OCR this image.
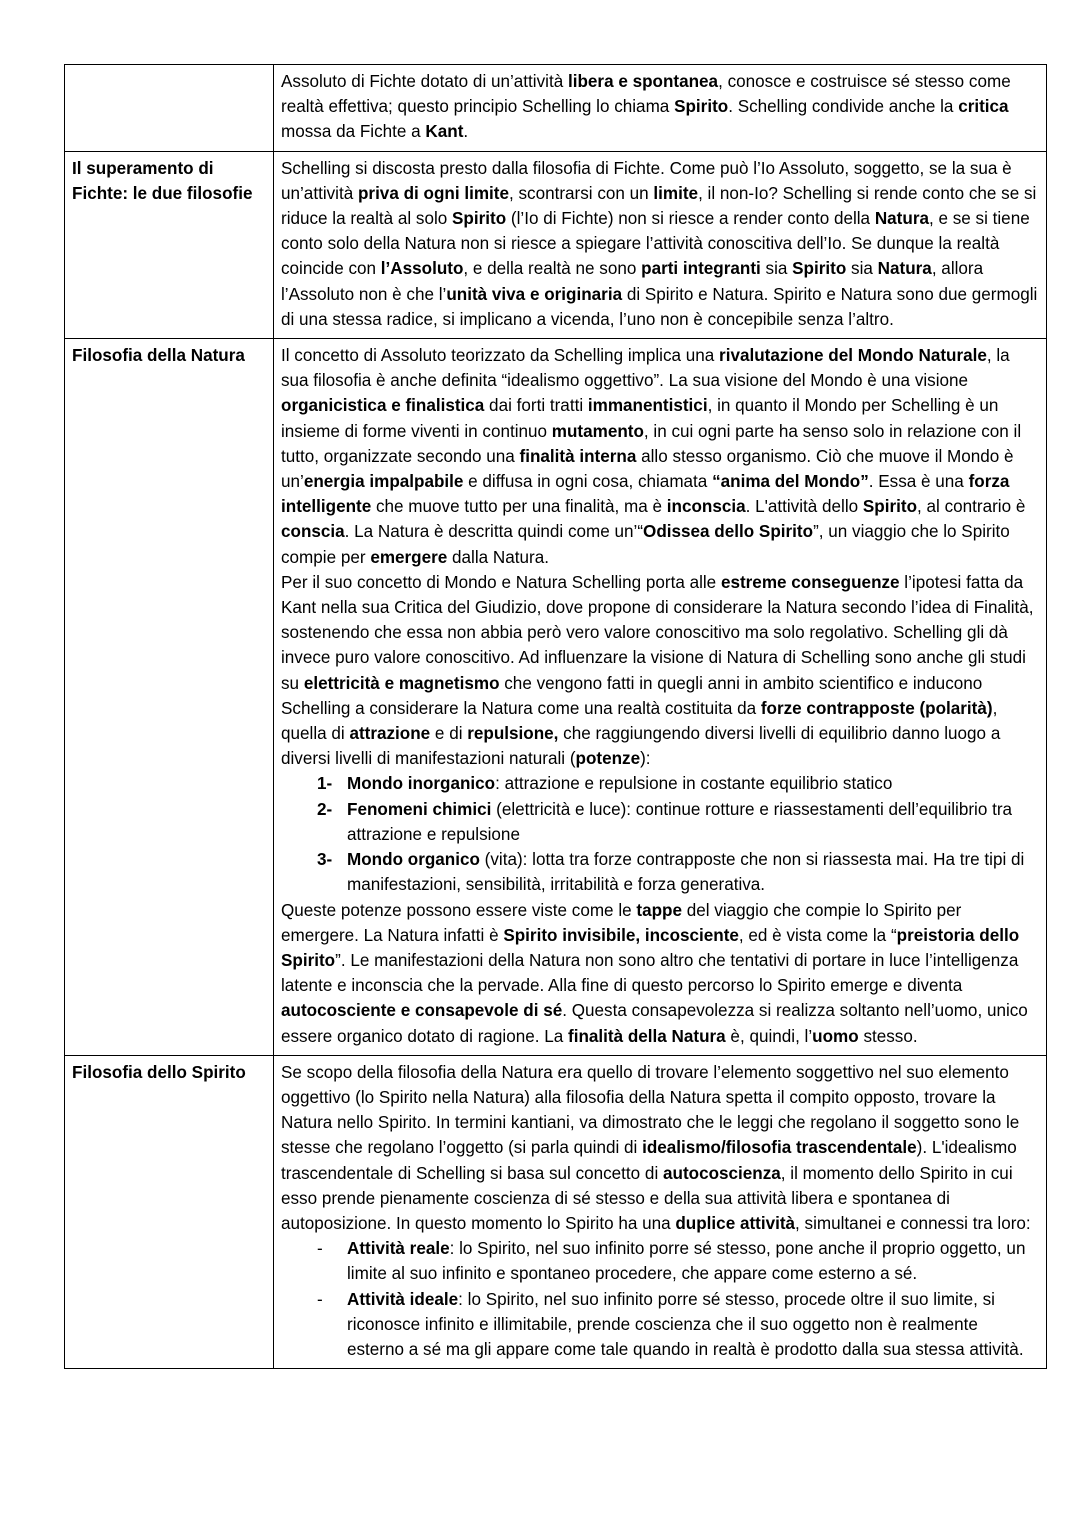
	Assoluto di Fichte dotato di un’attività libera e spontanea, conosce e costruisce sé stesso come realtà effettiva; questo principio Schelling lo chiama Spirito. Schelling condivide anche la critica mossa da Fichte a Kant.

Il superamento di Fichte: le due filosofie	Schelling si discosta presto dalla filosofia di Fichte. Come può l’Io Assoluto, soggetto, se la sua è un’attività priva di ogni limite, scontrarsi con un limite, il non-Io? Schelling si rende conto che se si riduce la realtà al solo Spirito (l’Io di Fichte) non si riesce a render conto della Natura, e se si tiene conto solo della Natura non si riesce a spiegare l’attività conoscitiva dell’Io. Se dunque la realtà coincide con l’Assoluto, e della realtà ne sono parti integranti sia Spirito sia Natura, allora l’Assoluto non è che l’unità viva e originaria di Spirito e Natura. Spirito e Natura sono due germogli di una stessa radice, si implicano a vicenda, l’uno non è concepibile senza l’altro.

Filosofia della Natura	Il concetto di Assoluto teorizzato da Schelling implica una rivalutazione del Mondo Naturale, la sua filosofia è anche definita “idealismo oggettivo”. La sua visione del Mondo è una visione organicistica e finalistica dai forti tratti immanentistici, in quanto il Mondo per Schelling è un insieme di forme viventi in continuo mutamento, in cui ogni parte ha senso solo in relazione con il tutto, organizzate secondo una finalità interna allo stesso organismo. Ciò che muove il Mondo è un’energia impalpabile e diffusa in ogni cosa, chiamata “anima del Mondo”. Essa è una forza intelligente che muove tutto per una finalità, ma è inconscia. L'attività dello Spirito, al contrario è conscia. La Natura è descritta quindi come un’“Odissea dello Spirito”, un viaggio che lo Spirito compie per emergere dalla Natura.

Per il suo concetto di Mondo e Natura Schelling porta alle estreme conseguenze l’ipotesi fatta da Kant nella sua Critica del Giudizio, dove propone di considerare la Natura secondo l’idea di Finalità, sostenendo che essa non abbia però vero valore conoscitivo ma solo regolativo. Schelling gli dà invece puro valore conoscitivo. Ad influenzare la visione di Natura di Schelling sono anche gli studi su elettricità e magnetismo che vengono fatti in quegli anni in ambito scientifico e inducono Schelling a considerare la Natura come una realtà costituita da forze contrapposte (polarità), quella di attrazione e di repulsione, che raggiungendo diversi livelli di equilibrio danno luogo a diversi livelli di manifestazioni naturali (potenze):

1- Mondo inorganico: attrazione e repulsione in costante equilibrio statico
2- Fenomeni chimici (elettricità e luce): continue rotture e riassestamenti dell’equilibrio tra attrazione e repulsione
3- Mondo organico (vita): lotta tra forze contrapposte che non si riassesta mai. Ha tre tipi di manifestazioni, sensibilità, irritabilità e forza generativa.

Queste potenze possono essere viste come le tappe del viaggio che compie lo Spirito per emergere. La Natura infatti è Spirito invisibile, incosciente, ed è vista come la “preistoria dello Spirito”. Le manifestazioni della Natura non sono altro che tentativi di portare in luce l’intelligenza latente e inconscia che la pervade. Alla fine di questo percorso lo Spirito emerge e diventa autocosciente e consapevole di sé. Questa consapevolezza si realizza soltanto nell’uomo, unico essere organico dotato di ragione. La finalità della Natura è, quindi, l’uomo stesso.

Filosofia dello Spirito	Se scopo della filosofia della Natura era quello di trovare l’elemento soggettivo nel suo elemento oggettivo (lo Spirito nella Natura) alla filosofia della Natura spetta il compito opposto, trovare la Natura nello Spirito. In termini kantiani, va dimostrato che le leggi che regolano il soggetto sono le stesse che regolano l’oggetto (si parla quindi di idealismo/filosofia trascendentale). L'idealismo trascendentale di Schelling si basa sul concetto di autocoscienza, il momento dello Spirito in cui esso prende pienamente coscienza di sé stesso e della sua attività libera e spontanea di autoposizione. In questo momento lo Spirito ha una duplice attività, simultanei e connessi tra loro:

-	Attività reale: lo Spirito, nel suo infinito porre sé stesso, pone anche il proprio oggetto, un limite al suo infinito e spontaneo procedere, che appare come esterno a sé.
-	Attività ideale: lo Spirito, nel suo infinito porre sé stesso, procede oltre il suo limite, si riconosce infinito e illimitabile, prende coscienza che il suo oggetto non è realmente esterno a sé ma gli appare come tale quando in realtà è prodotto dalla sua stessa attività.
